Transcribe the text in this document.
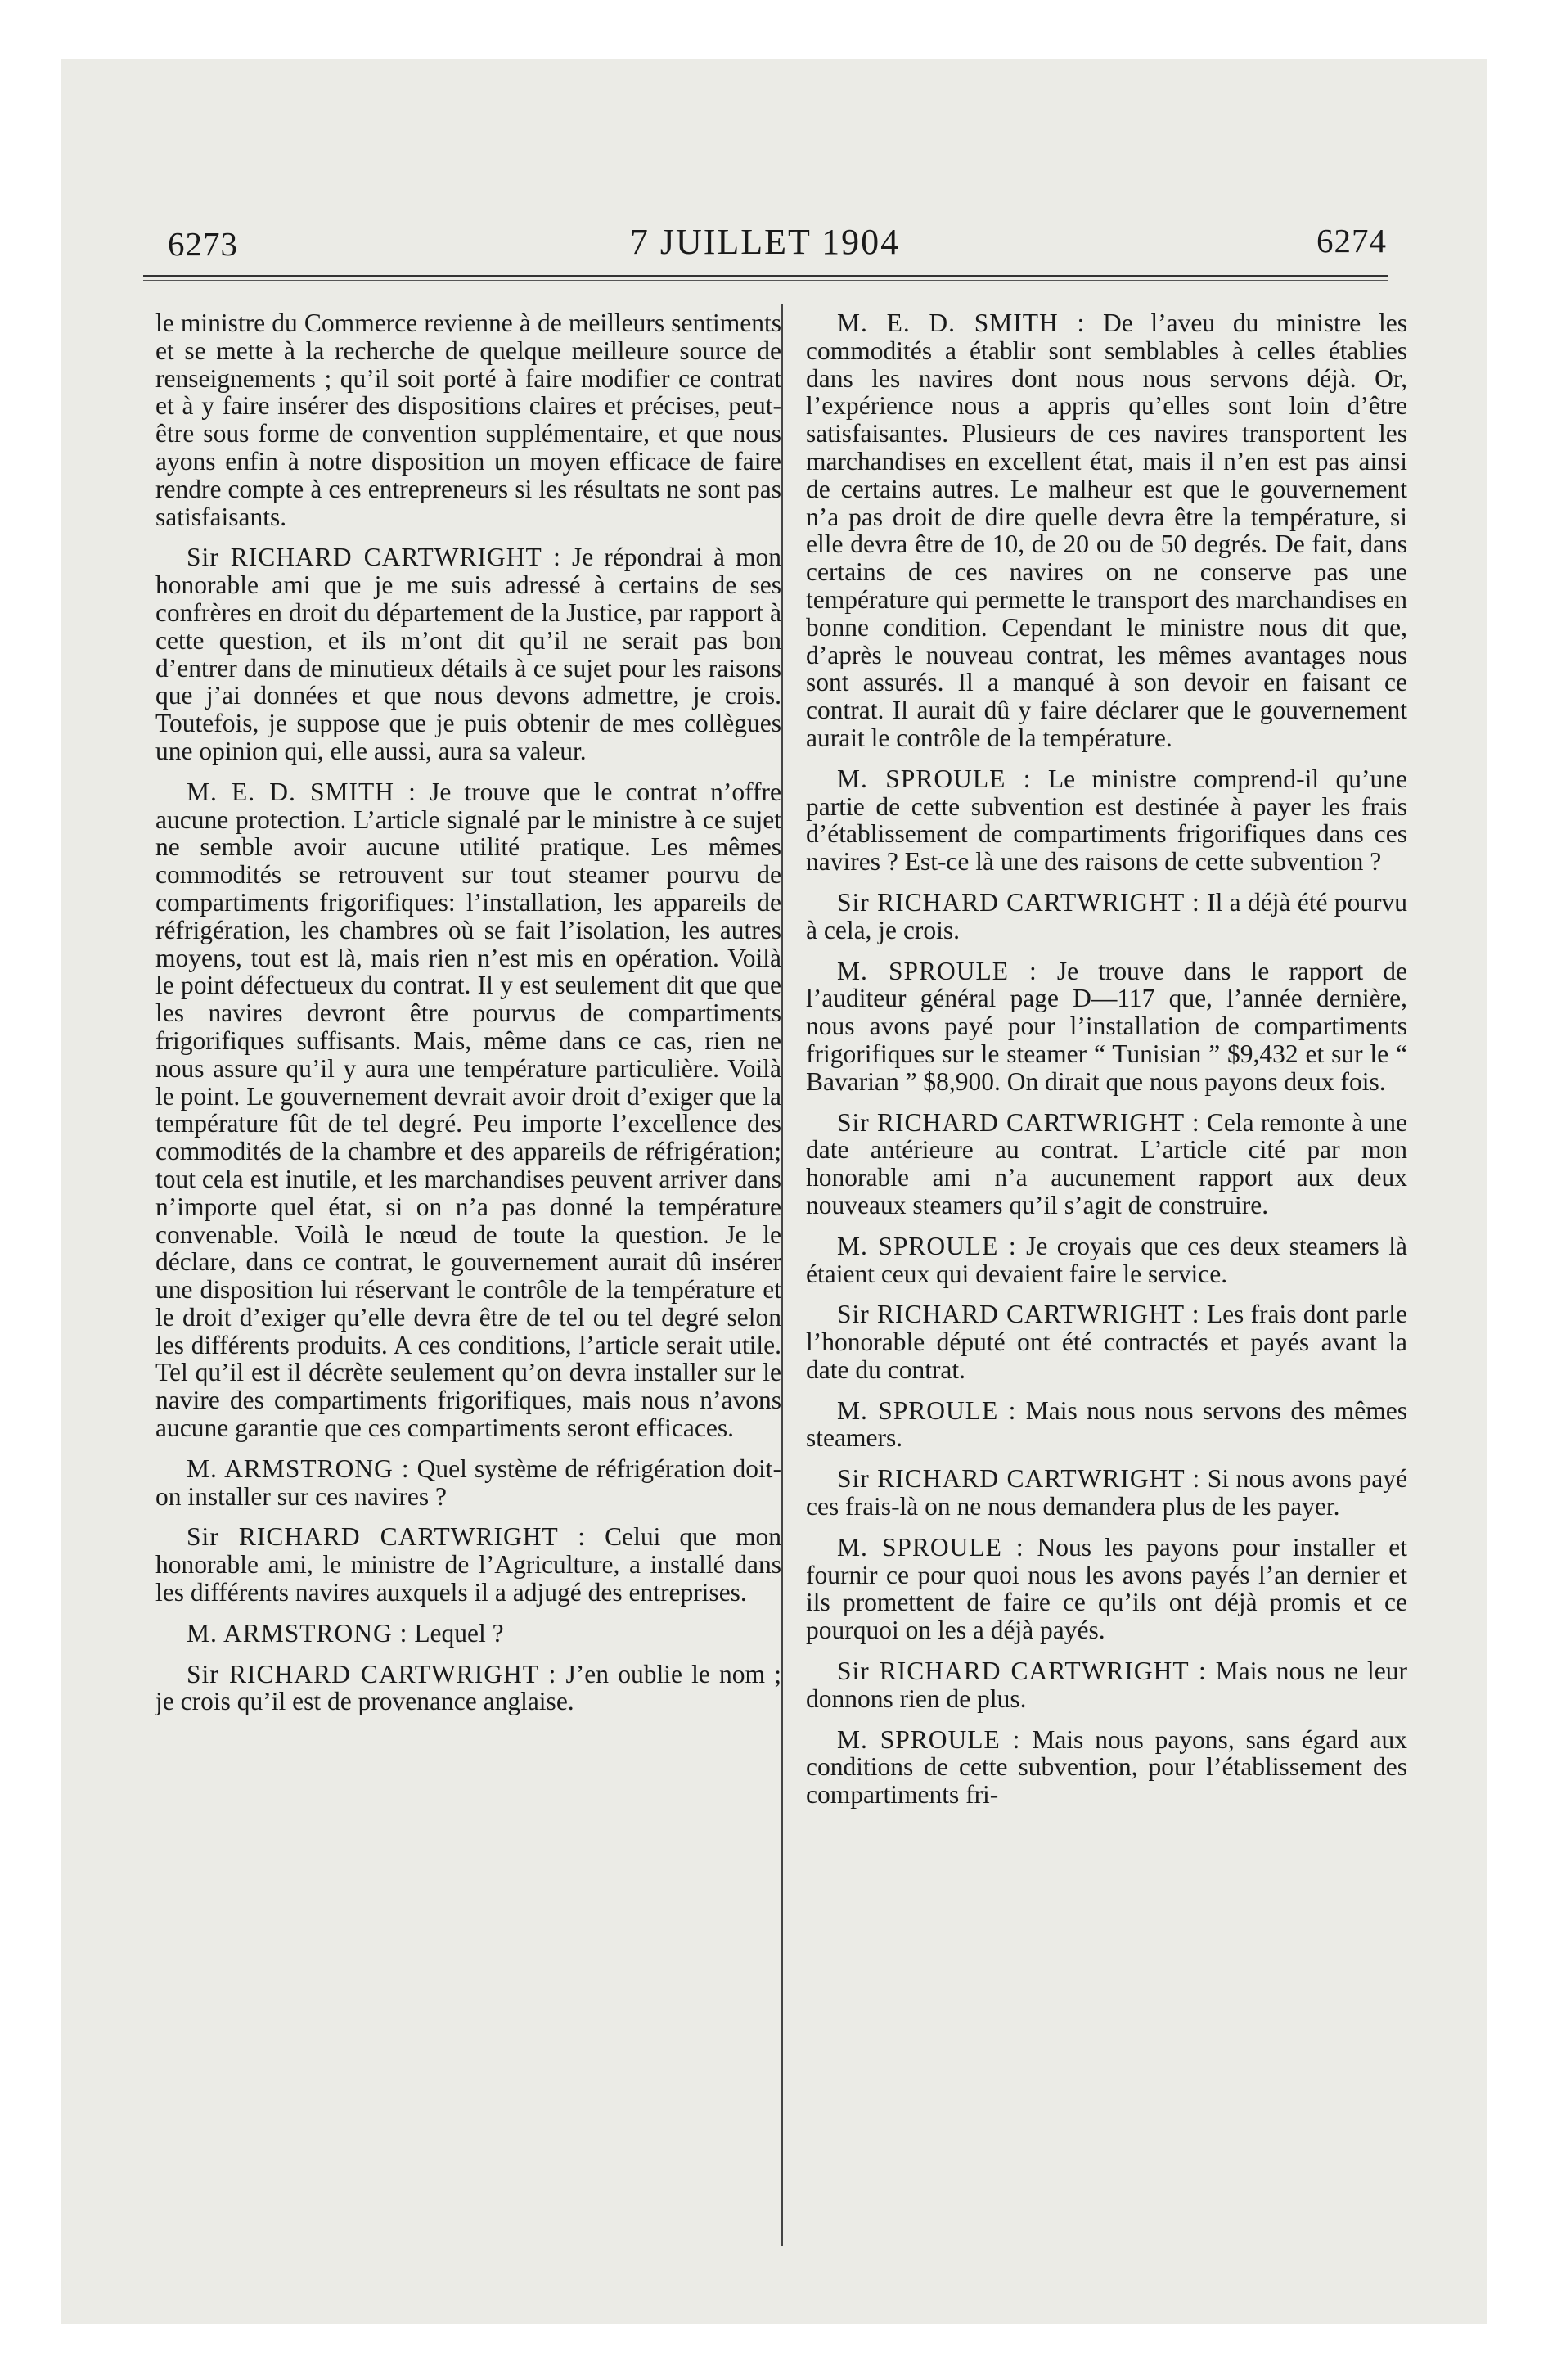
6273	7 JUILLET 1904	6274

le ministre du Commerce revienne à de meilleurs sentiments et se mette à la recherche de quelque meilleure source de renseignements ; qu’il soit porté à faire modifier ce contrat et à y faire insérer des dispositions claires et précises, peut-être sous forme de convention supplémentaire, et que nous ayons enfin à notre disposition un moyen efficace de faire rendre compte à ces entrepreneurs si les résultats ne sont pas satisfaisants.

Sir RICHARD CARTWRIGHT : Je répondrai à mon honorable ami que je me suis adressé à certains de ses confrères en droit du département de la Justice, par rapport à cette question, et ils m’ont dit qu’il ne serait pas bon d’entrer dans de minutieux détails à ce sujet pour les raisons que j’ai données et que nous devons admettre, je crois. Toutefois, je suppose que je puis obtenir de mes collègues une opinion qui, elle aussi, aura sa valeur.

M. E. D. SMITH : Je trouve que le contrat n’offre aucune protection. L’article signalé par le ministre à ce sujet ne semble avoir aucune utilité pratique. Les mêmes commodités se retrouvent sur tout steamer pourvu de compartiments frigorifiques: l’installation, les appareils de réfrigération, les chambres où se fait l’isolation, les autres moyens, tout est là, mais rien n’est mis en opération. Voilà le point défectueux du contrat. Il y est seulement dit que que les navires devront être pourvus de compartiments frigorifiques suffisants. Mais, même dans ce cas, rien ne nous assure qu’il y aura une température particulière. Voilà le point. Le gouvernement devrait avoir droit d’exiger que la température fût de tel degré. Peu importe l’excellence des commodités de la chambre et des appareils de réfrigération; tout cela est inutile, et les marchandises peuvent arriver dans n’importe quel état, si on n’a pas donné la température convenable. Voilà le nœud de toute la question. Je le déclare, dans ce contrat, le gouvernement aurait dû insérer une disposition lui réservant le contrôle de la température et le droit d’exiger qu’elle devra être de tel ou tel degré selon les différents produits. A ces conditions, l’article serait utile. Tel qu’il est il décrète seulement qu’on devra installer sur le navire des compartiments frigorifiques, mais nous n’avons aucune garantie que ces compartiments seront efficaces.

M. ARMSTRONG : Quel système de réfrigération doit-on installer sur ces navires ?

Sir RICHARD CARTWRIGHT : Celui que mon honorable ami, le ministre de l’Agriculture, a installé dans les différents navires auxquels il a adjugé des entreprises.

M. ARMSTRONG : Lequel ?

Sir RICHARD CARTWRIGHT : J’en oublie le nom ; je crois qu’il est de provenance anglaise.

M. E. D. SMITH : De l’aveu du ministre les commodités a établir sont semblables à celles établies dans les navires dont nous nous servons déjà. Or, l’expérience nous a appris qu’elles sont loin d’être satisfaisantes. Plusieurs de ces navires transportent les marchandises en excellent état, mais il n’en est pas ainsi de certains autres. Le malheur est que le gouvernement n’a pas droit de dire quelle devra être la température, si elle devra être de 10, de 20 ou de 50 degrés. De fait, dans certains de ces navires on ne conserve pas une température qui permette le transport des marchandises en bonne condition. Cependant le ministre nous dit que, d’après le nouveau contrat, les mêmes avantages nous sont assurés. Il a manqué à son devoir en faisant ce contrat. Il aurait dû y faire déclarer que le gouvernement aurait le contrôle de la température.

M. SPROULE : Le ministre comprend-il qu’une partie de cette subvention est destinée à payer les frais d’établissement de compartiments frigorifiques dans ces navires ? Est-ce là une des raisons de cette subvention ?

Sir RICHARD CARTWRIGHT : Il a déjà été pourvu à cela, je crois.

M. SPROULE : Je trouve dans le rapport de l’auditeur général page D—117 que, l’année dernière, nous avons payé pour l’installation de compartiments frigorifiques sur le steamer “ Tunisian ” $9,432 et sur le “ Bavarian ” $8,900. On dirait que nous payons deux fois.

Sir RICHARD CARTWRIGHT : Cela remonte à une date antérieure au contrat. L’article cité par mon honorable ami n’a aucunement rapport aux deux nouveaux steamers qu’il s’agit de construire.

M. SPROULE : Je croyais que ces deux steamers là étaient ceux qui devaient faire le service.

Sir RICHARD CARTWRIGHT : Les frais dont parle l’honorable député ont été contractés et payés avant la date du contrat.

M. SPROULE : Mais nous nous servons des mêmes steamers.

Sir RICHARD CARTWRIGHT : Si nous avons payé ces frais-là on ne nous demandera plus de les payer.

M. SPROULE : Nous les payons pour installer et fournir ce pour quoi nous les avons payés l’an dernier et ils promettent de faire ce qu’ils ont déjà promis et ce pourquoi on les a déjà payés.

Sir RICHARD CARTWRIGHT : Mais nous ne leur donnons rien de plus.

M. SPROULE : Mais nous payons, sans égard aux conditions de cette subvention, pour l’établissement des compartiments fri-
